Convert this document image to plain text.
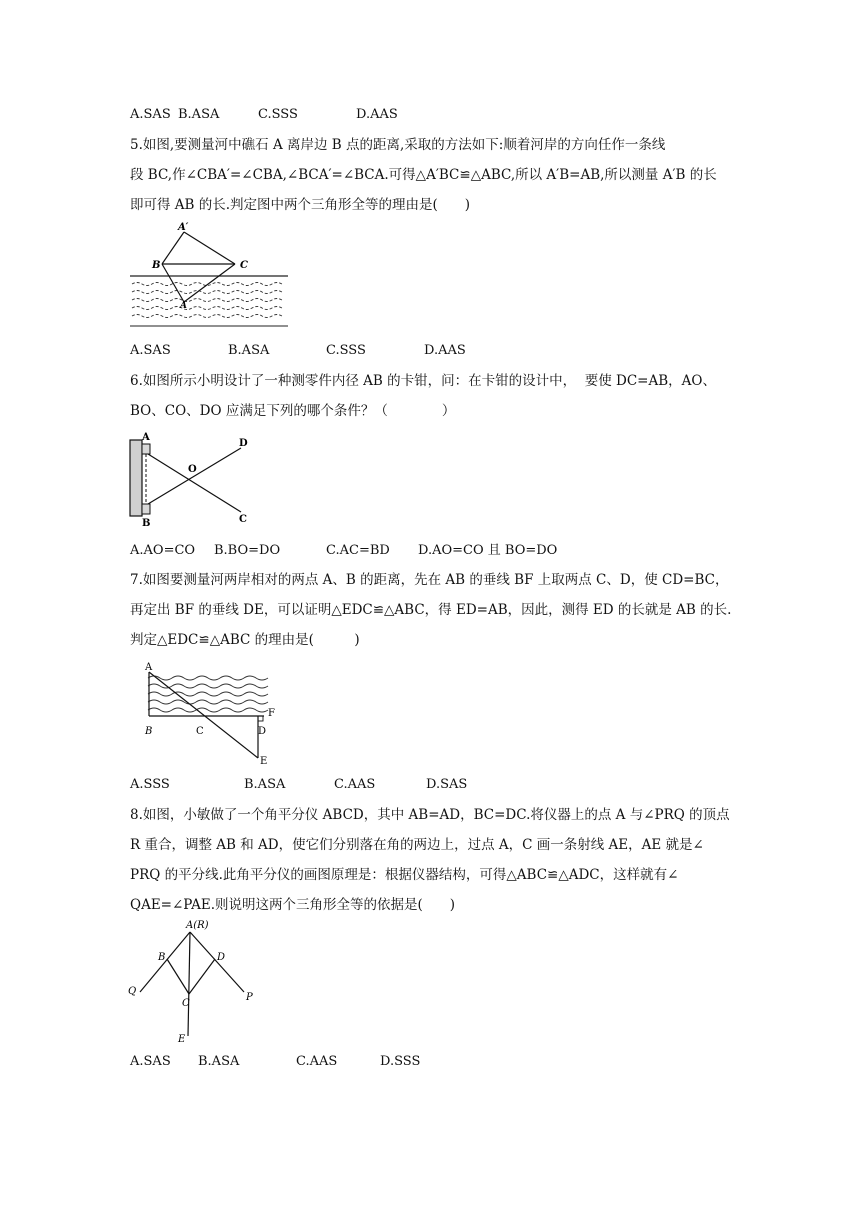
A.SAS

B.ASA

	C.SSS

	D.AAS

5.如图,要测量河中礁石 A 离岸边 B 点的距离,采取的方法如下:顺着河岸的方向任作一条线
段 BC,作∠CBA′=∠CBA,∠BCA′=∠BCA.可得△A′BC≌△ABC,所以 A′B=AB,所以测量 A′B 的长
即可得 AB 的长.判定图中两个三角形全等的理由是(　　)
A′
B	C
A

A.SAS

	B.ASA

	C.SSS

	D.AAS

6.如图所示小明设计了一种测零件内径 AB 的卡钳，问：在卡钳的设计中，  要使 DC=AB，AO、
BO、CO、DO 应满足下列的哪个条件？（　　　　）
A
B
O
D
C

A.AO=CO

B.BO=DO

	C.AC=BD

D.AO=CO 且 BO=DO

7.如图要测量河两岸相对的两点 A、B 的距离，先在 AB 的垂线 BF 上取两点 C、D，使 CD=BC，
再定出 BF 的垂线 DE，可以证明△EDC≌△ABC，得 ED=AB，因此，测得 ED 的长就是 AB 的长.
判定△EDC≌△ABC 的理由是(　　　)
A
F
B	C	D
E

A.SSS

	B.ASA

	C.AAS

	D.SAS

8.如图，小敏做了一个角平分仪 ABCD，其中 AB=AD，BC=DC.将仪器上的点 A 与∠PRQ 的顶点
R 重合，调整 AB 和 AD，使它们分别落在角的两边上，过点 A，C 画一条射线 AE，AE 就是∠
PRQ 的平分线.此角平分仪的画图原理是：根据仪器结构，可得△ABC≌△ADC，这样就有∠
QAE=∠PAE.则说明这两个三角形全等的依据是(　　)
A(R)
B	D
Q
C
P
E

A.SAS

B.ASA

	C.AAS

	D.SSS
